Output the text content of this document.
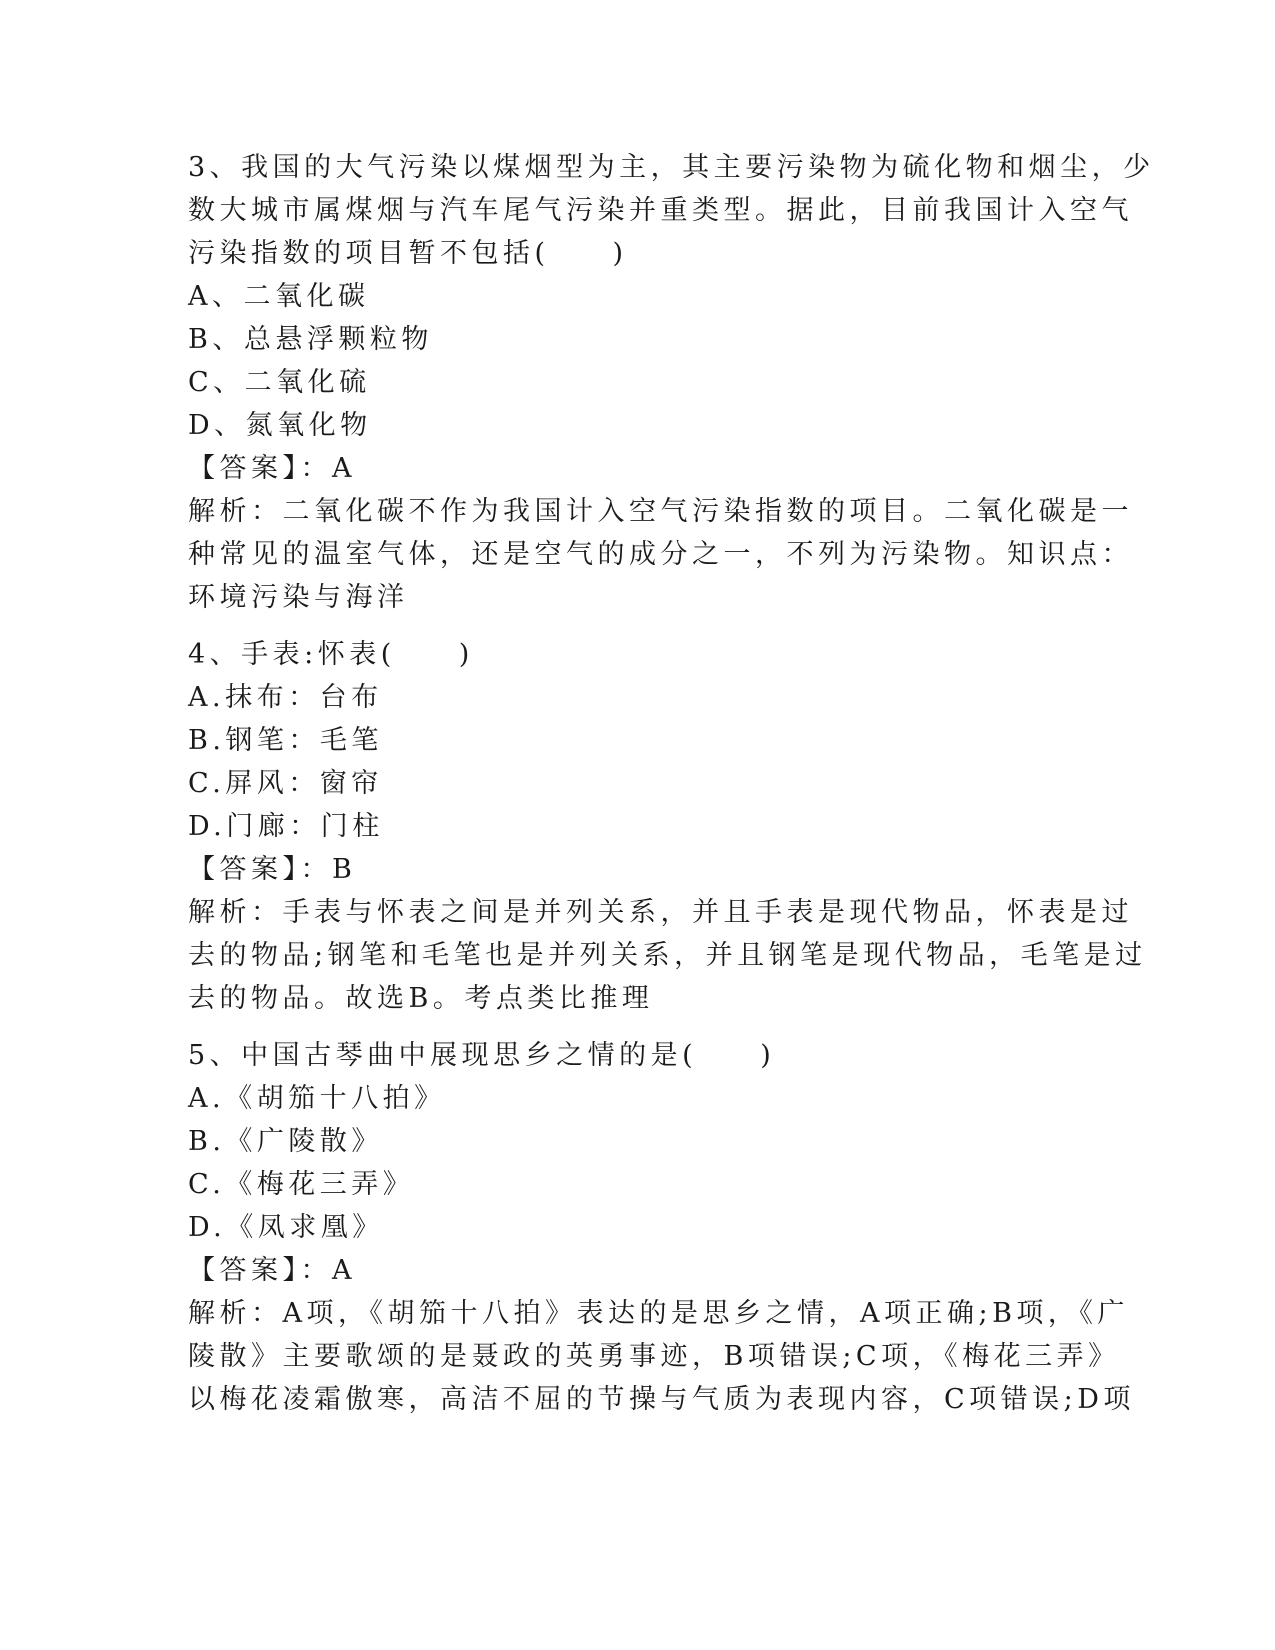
3、我国的大气污染以煤烟型为主，其主要污染物为硫化物和烟尘，少
数大城市属煤烟与汽车尾气污染并重类型。据此，目前我国计入空气
污染指数的项目暂不包括(　　)
A、二氧化碳
B、总悬浮颗粒物
C、二氧化硫
D、氮氧化物
【答案】：A
解析：二氧化碳不作为我国计入空气污染指数的项目。二氧化碳是一
种常见的温室气体，还是空气的成分之一，不列为污染物。知识点：
环境污染与海洋
4、手表:怀表(　　)
A.抹布：台布
B.钢笔：毛笔
C.屏风：窗帘
D.门廊：门柱
【答案】：B
解析：手表与怀表之间是并列关系，并且手表是现代物品，怀表是过
去的物品;钢笔和毛笔也是并列关系，并且钢笔是现代物品，毛笔是过
去的物品。故选B。考点类比推理
5、中国古琴曲中展现思乡之情的是(　　)
A.《胡笳十八拍》
B.《广陵散》
C.《梅花三弄》
D.《凤求凰》
【答案】：A
解析：A项，《胡笳十八拍》表达的是思乡之情，A项正确;B项，《广
陵散》主要歌颂的是聂政的英勇事迹，B项错误;C项，《梅花三弄》
以梅花凌霜傲寒，高洁不屈的节操与气质为表现内容，C项错误;D项
